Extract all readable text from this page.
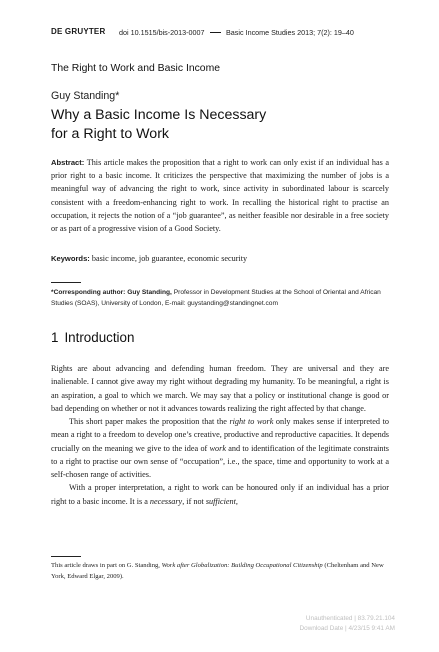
DE GRUYTER doi 10.1515/bis-2013-0007	Basic Income Studies 2013; 7(2): 19–40
The Right to Work and Basic Income
Guy Standing*
Why a Basic Income Is Necessary
for a Right to Work
Abstract: This article makes the proposition that a right to work can only exist if an individual has a prior right to a basic income. It criticizes the perspective that maximizing the number of jobs is a meaningful way of advancing the right to work, since activity in subordinated labour is scarcely consistent with a freedom-enhancing right to work. In recalling the historical right to practise an occupation, it rejects the notion of a “job guarantee”, as neither feasible nor desirable in a free society or as part of a progressive vision of a Good Society.
Keywords: basic income, job guarantee, economic security
*Corresponding author: Guy Standing, Professor in Development Studies at the School of Oriental and African Studies (SOAS), University of London, E-mail: guystanding@standingnet.com
1 Introduction

Rights are about advancing and defending human freedom. They are universal and they are inalienable. I cannot give away my right without degrading my humanity. To be meaningful, a right is an aspiration, a goal to which we march. We may say that a policy or institutional change is good or bad depending on whether or not it advances towards realizing the right affected by that change.

This short paper makes the proposition that the right to work only makes sense if interpreted to mean a right to a freedom to develop one’s creative, productive and reproductive capacities. It depends crucially on the meaning we give to the idea of work and to identification of the legitimate constraints to a right to practise our own sense of “occupation”, i.e., the space, time and opportunity to work at a self-chosen range of activities.

With a proper interpretation, a right to work can be honoured only if an individual has a prior right to a basic income. It is a necessary, if not sufficient,

This article draws in part on G. Standing, Work after Globalization: Building Occupational Citizenship (Cheltenham and New York, Edward Elgar, 2009).
Unauthenticated | 83.79.21.104
Download Date | 4/23/15 9:41 AM
